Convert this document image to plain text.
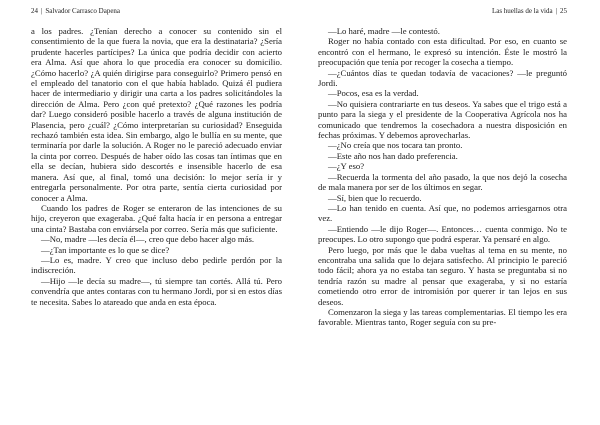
24 | Salvador Carrasco Dapena

a los padres. ¿Tenían derecho a conocer su contenido sin el consentimiento de la que fuera la novia, que era la destinataria? ¿Sería prudente hacerles partícipes? La única que podría decidir con acierto era Alma. Así que ahora lo que procedía era conocer su domicilio. ¿Cómo hacerlo? ¿A quién dirigirse para conseguirlo? Primero pensó en el empleado del tanatorio con el que había hablado. Quizá él pudiera hacer de intermediario y dirigir una carta a los padres solicitándoles la dirección de Alma. Pero ¿con qué pretexto? ¿Qué razones les podría dar? Luego consideró posible hacerlo a través de alguna institución de Plasencia, pero ¿cuál? ¿Cómo interpretarían su curiosidad? Enseguida rechazó también esta idea. Sin embargo, algo le bullía en su mente, que terminaría por darle la solución. A Roger no le pareció adecuado enviar la cinta por correo. Después de haber oído las cosas tan íntimas que en ella se decían, hubiera sido descortés e insensible hacerlo de esa manera. Así que, al final, tomó una decisión: lo mejor sería ir y entregarla personalmente. Por otra parte, sentía cierta curiosidad por conocer a Alma.

Cuando los padres de Roger se enteraron de las intenciones de su hijo, creyeron que exageraba. ¿Qué falta hacía ir en persona a entregar una cinta? Bastaba con enviársela por correo. Sería más que suficiente.

—No, madre —les decía él—, creo que debo hacer algo más.

—¿Tan importante es lo que se dice?

—Lo es, madre. Y creo que incluso debo pedirle perdón por la indiscreción.

—Hijo —le decía su madre—, tú siempre tan cortés. Allá tú. Pero convendría que antes contaras con tu hermano Jordi, por si en estos días te necesita. Sabes lo atareado que anda en esta época.

Las huellas de la vida | 25

—Lo haré, madre —le contestó.

Roger no había contado con esta dificultad. Por eso, en cuanto se encontró con el hermano, le expresó su intención. Éste le mostró la preocupación que tenía por recoger la cosecha a tiempo.

—¿Cuántos días te quedan todavía de vacaciones? —le preguntó Jordi.

—Pocos, esa es la verdad.

—No quisiera contrariarte en tus deseos. Ya sabes que el trigo está a punto para la siega y el presidente de la Cooperativa Agrícola nos ha comunicado que tendremos la cosechadora a nuestra disposición en fechas próximas. Y debemos aprovecharlas.

—¿No creía que nos tocara tan pronto.

—Este año nos han dado preferencia.

—¿Y eso?

—Recuerda la tormenta del año pasado, la que nos dejó la cosecha de mala manera por ser de los últimos en segar.

—Sí, bien que lo recuerdo.

—Lo han tenido en cuenta. Así que, no podemos arriesgarnos otra vez.

—Entiendo —le dijo Roger—. Entonces… cuenta conmigo. No te preocupes. Lo otro supongo que podrá esperar. Ya pensaré en algo.

Pero luego, por más que le daba vueltas al tema en su mente, no encontraba una salida que lo dejara satisfecho. Al principio le pareció todo fácil; ahora ya no estaba tan seguro. Y hasta se preguntaba si no tendría razón su madre al pensar que exageraba, y si no estaría cometiendo otro error de intromisión por querer ir tan lejos en sus deseos.

Comenzaron la siega y las tareas complementarias. El tiempo les era favorable. Mientras tanto, Roger seguía con su pre-
